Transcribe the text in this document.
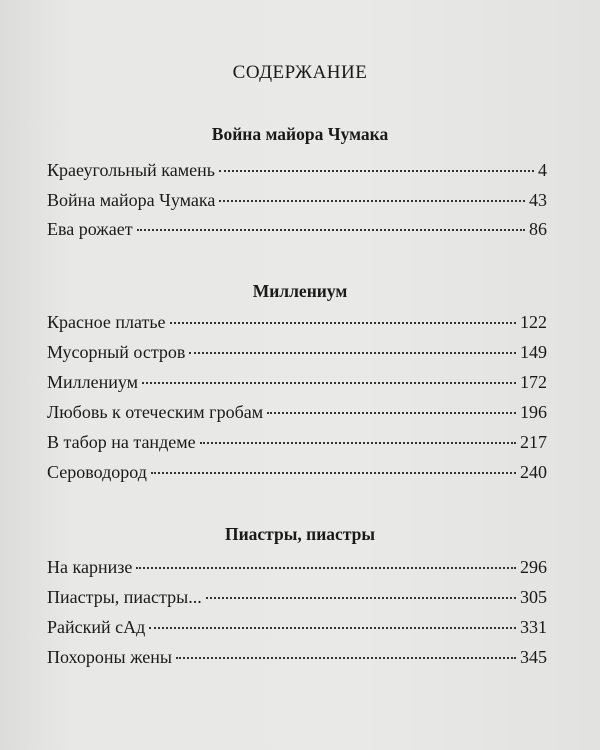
СОДЕРЖАНИЕ
Война майора Чумака
Краеугольный камень	4
Война майора Чумака	43
Ева рожает	86
Миллениум
Красное платье	122
Мусорный остров	149
Миллениум	172
Любовь к отеческим гробам	196
В табор на тандеме	217
Сероводород	240
Пиастры, пиастры
На карнизе	296
Пиастры, пиастры...	305
Райский сАд	331
Похороны жены	345
